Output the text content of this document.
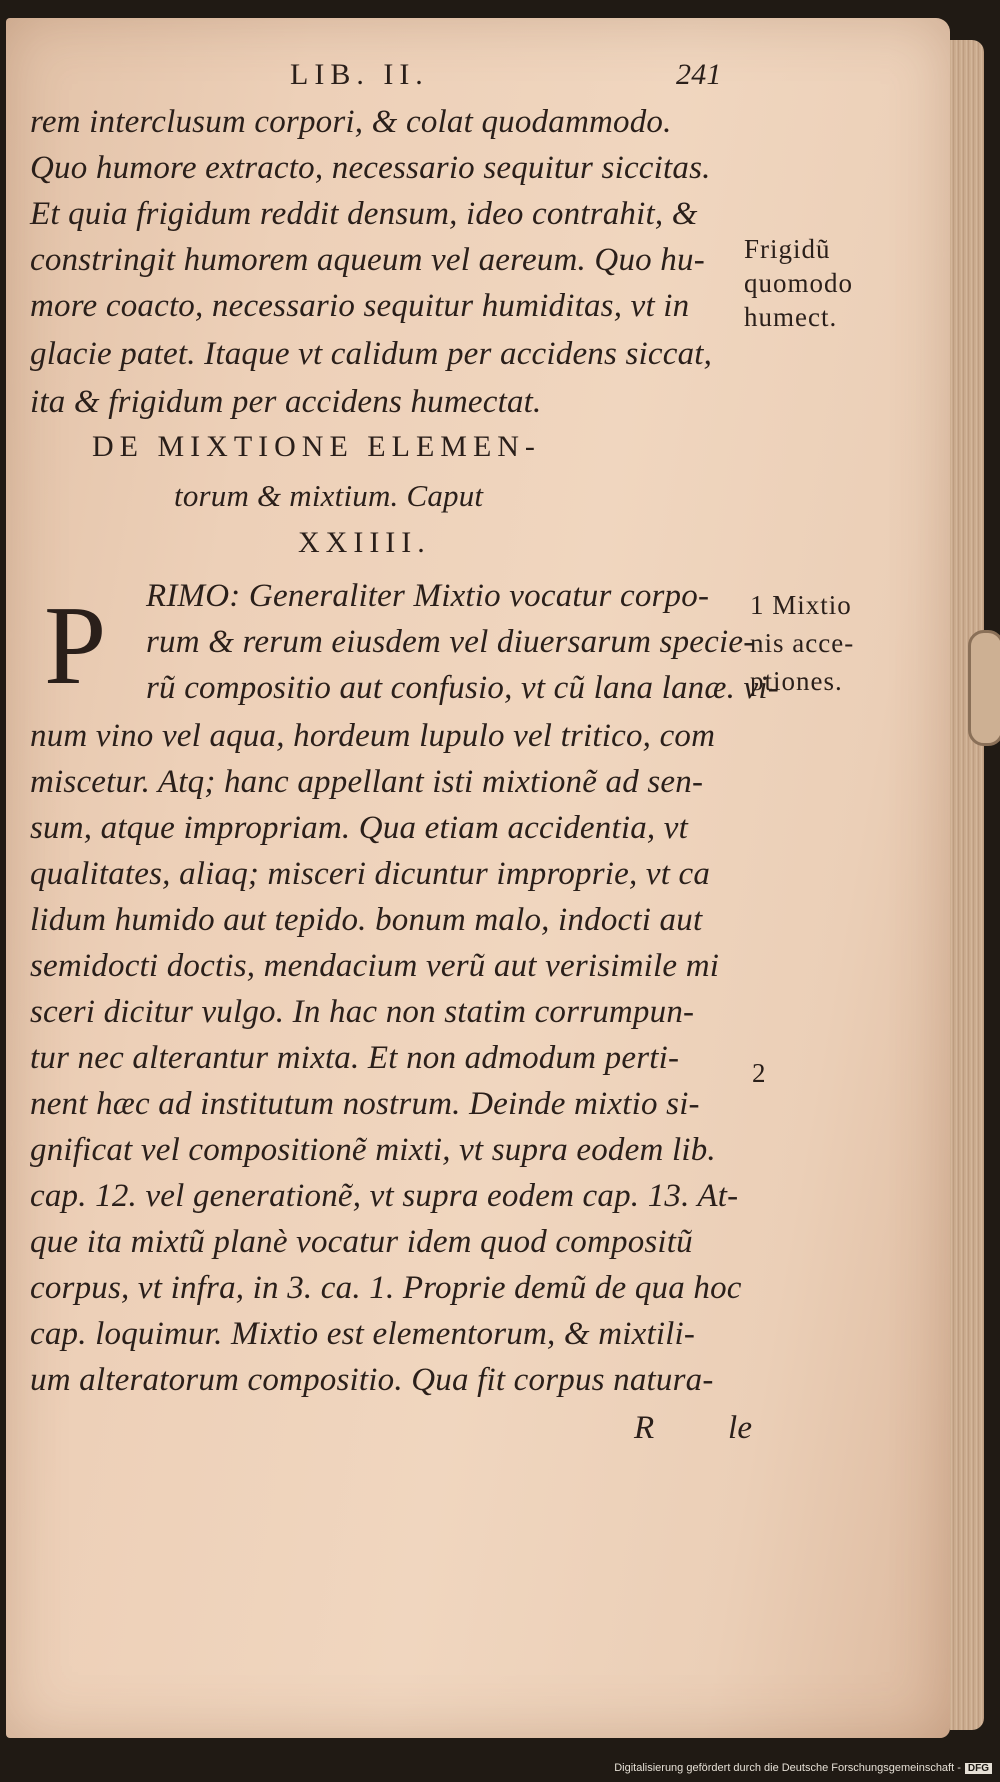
LIB. II.	241
rem interclusum corpori, & colat quodammodo.
Quo humore extracto, necessario sequitur siccitas.
Et quia frigidum reddit densum, ideo contrahit, &
constringit humorem aqueum vel aereum. Quo hu-
more coacto, necessario sequitur humiditas, vt in
glacie patet. Itaque vt calidum per accidens siccat,
ita & frigidum per accidens humectat.
Frigidũ
quomodo
humect.
DE MIXTIONE ELEMEN-
torum & mixtium. Caput
XXIIII.
P RIMO: Generaliter Mixtio vocatur corpo-
rum & rerum eiusdem vel diuersarum specie-
rũ compositio aut confusio, vt cũ lana lanæ. vi-
num vino vel aqua, hordeum lupulo vel tritico, com
miscetur. Atq; hanc appellant isti mixtionẽ ad sen-
sum, atque impropriam. Qua etiam accidentia, vt
qualitates, aliaq; misceri dicuntur improprie, vt ca
lidum humido aut tepido. bonum malo, indocti aut
semidocti doctis, mendacium verũ aut verisimile mi
sceri dicitur vulgo. In hac non statim corrumpun-
tur nec alterantur mixta. Et non admodum perti-
nent hæc ad institutum nostrum. Deinde mixtio si-
gnificat vel compositionẽ mixti, vt supra eodem lib.
cap. 12. vel generationẽ, vt supra eodem cap. 13. At-
que ita mixtũ planè vocatur idem quod compositũ
corpus, vt infra, in 3. ca. 1. Proprie demũ de qua hoc
cap. loquimur. Mixtio est elementorum, & mixtili-
um alteratorum compositio. Qua fit corpus natura-
1 Mixtio
nis acce-
ptiones.
2
R le
Digitalisierung gefördert durch die Deutsche Forschungsgemeinschaft - DFG
